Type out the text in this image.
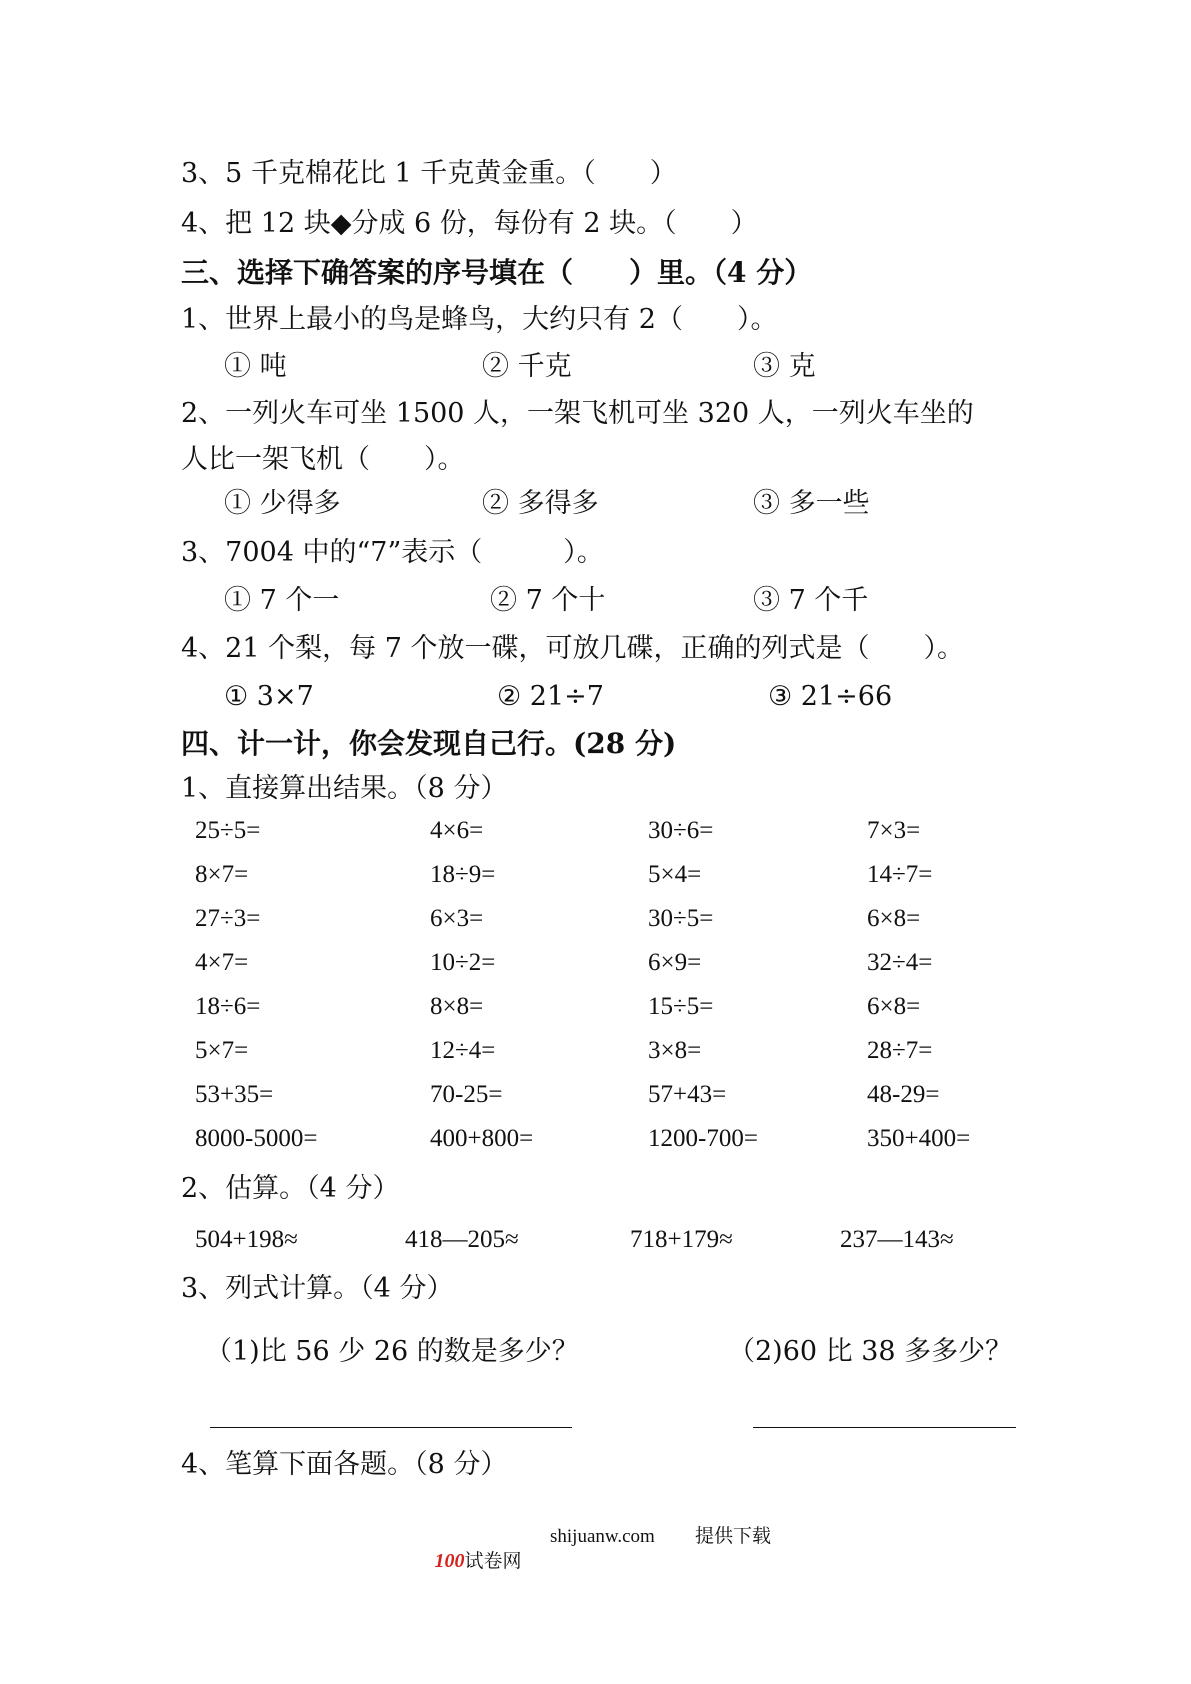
3、5 千克棉花比 1 千克黄金重。（　　）
4、把 12 块◆分成 6 份，每份有 2 块。（　　）
三、选择下确答案的序号填在（　　）里。（4 分）
1、世界上最小的鸟是蜂鸟，大约只有 2（　　）。
① 吨	② 千克	③ 克
2、一列火车可坐 1500 人，一架飞机可坐 320 人，一列火车坐的
人比一架飞机（　　）。
① 少得多	② 多得多	③ 多一些
3、7004 中的“7”表示（　　　）。
① 7 个一	② 7 个十	③ 7 个千
4、21 个梨，每 7 个放一碟，可放几碟，正确的列式是（　　）。
① 3×7	② 21÷7	③ 21÷66
四、计一计，你会发现自己行。(28 分)
1、直接算出结果。（8 分）
25÷5=	4×6=	30÷6=	7×3=
8×7=	18÷9=	5×4=	14÷7=
27÷3=	6×3=	30÷5=	6×8=
4×7=	10÷2=	6×9=	32÷4=
18÷6=	8×8=	15÷5=	6×8=
5×7=	12÷4=	3×8=	28÷7=
53+35=	70-25=	57+43=	48-29=
8000-5000=	400+800=	1200-700=	350+400=
2、估算。（4 分）
504+198≈	418—205≈	718+179≈	237—143≈
3、列式计算。（4 分）
（1)比 56 少 26 的数是多少？	（2)60 比 38 多多少？
4、笔算下面各题。（8 分）

100试卷网

shijuanw.com 提供下载
